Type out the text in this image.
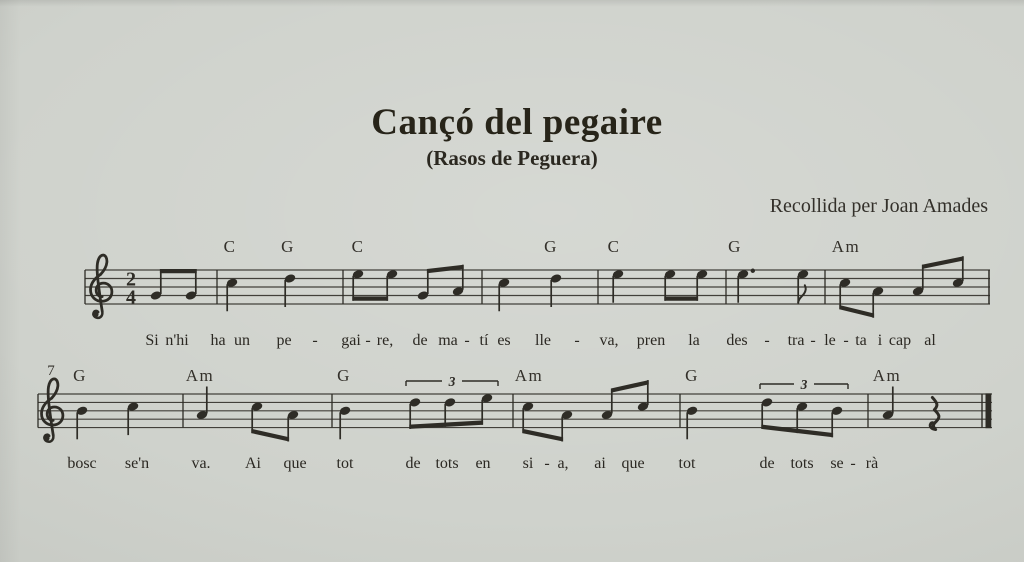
Cançó del pegaire
(Rasos de Peguera)
Recollida per Joan Amades
2
4
C	G	C	G	C	G	Am
Si n'hi ha un pe - gai - re, de ma - tí es lle - va, pren la des - tra - le - ta i cap al
7 G	Am	G	Am	G	Am
bosc se'n	va. Ai que tot	de tots en si - a, ai que tot	de tots se - rà
3	3
